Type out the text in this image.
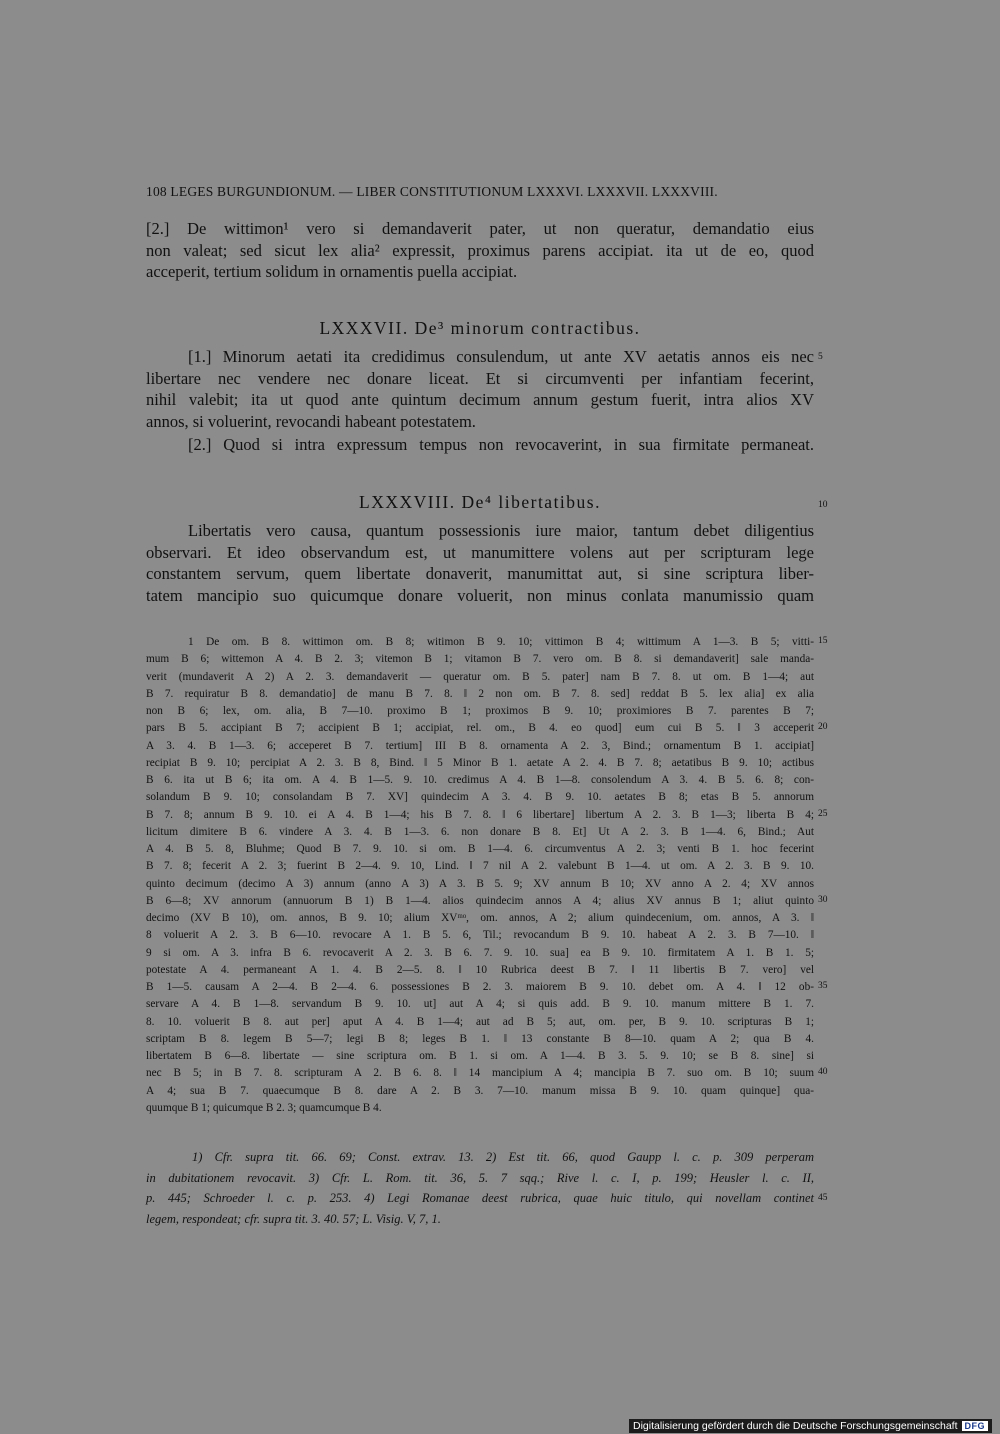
108 LEGES BURGUNDIONUM. — LIBER CONSTITUTIONUM LXXXVI. LXXXVII. LXXXVIII.
[2.] De wittimon¹ vero si demandaverit pater, ut non queratur, demandatio eius
non valeat; sed sicut lex alia² expressit, proximus parens accipiat. ita ut de eo, quod
acceperit, tertium solidum in ornamentis puella accipiat.
LXXXVII. De³ minorum contractibus.
[1.] Minorum aetati ita credidimus consulendum, ut ante XV aetatis annos eis nec
libertare nec vendere nec donare liceat. Et si circumventi per infantiam fecerint,
nihil valebit; ita ut quod ante quintum decimum annum gestum fuerit, intra alios XV
annos, si voluerint, revocandi habeant potestatem.
[2.] Quod si intra expressum tempus non revocaverint, in sua firmitate permaneat.
LXXXVIII. De⁴ libertatibus.
Libertatis vero causa, quantum possessionis iure maior, tantum debet diligentius
observari. Et ideo observandum est, ut manumittere volens aut per scripturam lege
constantem servum, quem libertate donaverit, manumittat aut, si sine scriptura liber-
tatem mancipio suo quicumque donare voluerit, non minus conlata manumissio quam
1 De om. B 8. wittimon om. B 8; witimon B 9. 10; vittimon B 4; wittimum A 1—3. B 5; vitti-
mum B 6; wittemon A 4. B 2. 3; vitemon B 1; vitamon B 7. vero om. B 8. si demandaverit] sale manda-
verit (mundaverit A 2) A 2. 3. demandaverit — queratur om. B 5. pater] nam B 7. 8. ut om. B 1—4; aut
B 7. requiratur B 8. demandatio] de manu B 7. 8. ‖ 2 non om. B 7. 8. sed] reddat B 5. lex alia] ex alia
non B 6; lex, om. alia, B 7—10. proximo B 1; proximos B 9. 10; proximiores B 7. parentes B 7;
pars B 5. accipiant B 7; accipient B 1; accipiat, rel. om., B 4. eo quod] eum cui B 5. ‖ 3 acceperit
A 3. 4. B 1—3. 6; acceperet B 7. tertium] III B 8. ornamenta A 2. 3, Bind.; ornamentum B 1. accipiat]
recipiat B 9. 10; percipiat A 2. 3. B 8, Bind. ‖ 5 Minor B 1. aetate A 2. 4. B 7. 8; aetatibus B 9. 10; actibus
B 6. ita ut B 6; ita om. A 4. B 1—5. 9. 10. credimus A 4. B 1—8. consolendum A 3. 4. B 5. 6. 8; con-
solandum B 9. 10; consolandam B 7. XV] quindecim A 3. 4. B 9. 10. aetates B 8; etas B 5. annorum
B 7. 8; annum B 9. 10. ei A 4. B 1—4; his B 7. 8. ‖ 6 libertare] libertum A 2. 3. B 1—3; liberta B 4;
licitum dimitere B 6. vindere A 3. 4. B 1—3. 6. non donare B 8. Et] Ut A 2. 3. B 1—4. 6, Bind.; Aut
A 4. B 5. 8, Bluhme; Quod B 7. 9. 10. si om. B 1—4. 6. circumventus A 2. 3; venti B 1. hoc fecerint
B 7. 8; fecerit A 2. 3; fuerint B 2—4. 9. 10, Lind. ‖ 7 nil A 2. valebunt B 1—4. ut om. A 2. 3. B 9. 10.
quinto decimum (decimo A 3) annum (anno A 3) A 3. B 5. 9; XV annum B 10; XV anno A 2. 4; XV annos
B 6—8; XV annorum (annuorum B 1) B 1—4. alios quindecim annos A 4; alius XV annus B 1; aliut quinto
decimo (XV B 10), om. annos, B 9. 10; alium XVᵐᵒ, om. annos, A 2; alium quindecenium, om. annos, A 3. ‖
8 voluerit A 2. 3. B 6—10. revocare A 1. B 5. 6, Til.; revocandum B 9. 10. habeat A 2. 3. B 7—10. ‖
9 si om. A 3. infra B 6. revocaverit A 2. 3. B 6. 7. 9. 10. sua] ea B 9. 10. firmitatem A 1. B 1. 5;
potestate A 4. permaneant A 1. 4. B 2—5. 8. ‖ 10 Rubrica deest B 7. ‖ 11 libertis B 7. vero] vel
B 1—5. causam A 2—4. B 2—4. 6. possessiones B 2. 3. maiorem B 9. 10. debet om. A 4. ‖ 12 ob-
servare A 4. B 1—8. servandum B 9. 10. ut] aut A 4; si quis add. B 9. 10. manum mittere B 1. 7.
8. 10. voluerit B 8. aut per] aput A 4. B 1—4; aut ad B 5; aut, om. per, B 9. 10. scripturas B 1;
scriptam B 8. legem B 5—7; legi B 8; leges B 1. ‖ 13 constante B 8—10. quam A 2; qua B 4.
libertatem B 6—8. libertate — sine scriptura om. B 1. si om. A 1—4. B 3. 5. 9. 10; se B 8. sine] si
nec B 5; in B 7. 8. scripturam A 2. B 6. 8. ‖ 14 mancipium A 4; mancipia B 7. suo om. B 10; suum
A 4; sua B 7. quaecumque B 8. dare A 2. B 3. 7—10. manum missa B 9. 10. quam quinque] qua-
quumque B 1; quicumque B 2. 3; quamcumque B 4.
1) Cfr. supra tit. 66. 69; Const. extrav. 13. 2) Est tit. 66, quod Gaupp l. c. p. 309 perperam
in dubitationem revocavit. 3) Cfr. L. Rom. tit. 36, 5. 7 sqq.; Rive l. c. I, p. 199; Heusler l. c. II,
p. 445; Schroeder l. c. p. 253. 4) Legi Romanae deest rubrica, quae huic titulo, qui novellam continet
legem, respondeat; cfr. supra tit. 3. 40. 57; L. Visig. V, 7, 1.
5
10
15
20
25
30
35
40
45
Digitalisierung gefördert durch die Deutsche Forschungsgemeinschaft DFG
